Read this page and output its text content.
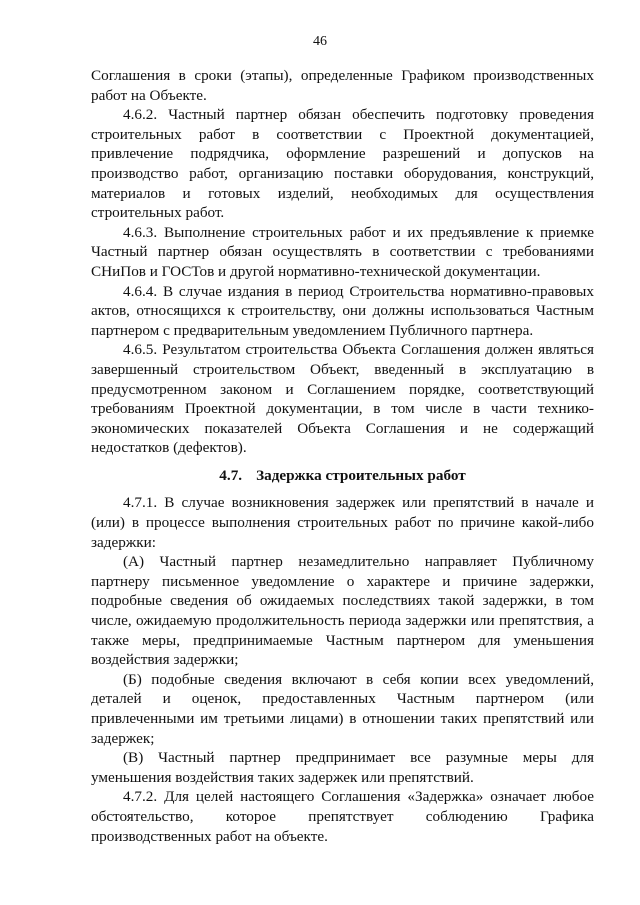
46

Соглашения в сроки (этапы), определенные Графиком производственных работ на Объекте.

4.6.2. Частный партнер обязан обеспечить подготовку проведения строительных работ в соответствии с Проектной документацией, привлечение подрядчика, оформление разрешений и допусков на производство работ, организацию поставки оборудования, конструкций, материалов и готовых изделий, необходимых для осуществления строительных работ.

4.6.3. Выполнение строительных работ и их предъявление к приемке Частный партнер обязан осуществлять в соответствии с требованиями СНиПов и ГОСТов и другой нормативно-технической документации.

4.6.4. В случае издания в период Строительства нормативно-правовых актов, относящихся к строительству, они должны использоваться Частным партнером с предварительным уведомлением Публичного партнера.

4.6.5. Результатом строительства Объекта Соглашения должен являться завершенный строительством Объект, введенный в эксплуатацию в предусмотренном законом и Соглашением порядке, соответствующий требованиям Проектной документации, в том числе в части технико-экономических показателей Объекта Соглашения и не содержащий недостатков (дефектов).

4.7. Задержка строительных работ

4.7.1. В случае возникновения задержек или препятствий в начале и (или) в процессе выполнения строительных работ по причине какой-либо задержки:

(А) Частный партнер незамедлительно направляет Публичному партнеру письменное уведомление о характере и причине задержки, подробные сведения об ожидаемых последствиях такой задержки, в том числе, ожидаемую продолжительность периода задержки или препятствия, а также меры, предпринимаемые Частным партнером для уменьшения воздействия задержки;

(Б) подобные сведения включают в себя копии всех уведомлений, деталей и оценок, предоставленных Частным партнером (или привлеченными им третьими лицами) в отношении таких препятствий или задержек;

(В) Частный партнер предпринимает все разумные меры для уменьшения воздействия таких задержек или препятствий.

4.7.2. Для целей настоящего Соглашения «Задержка» означает любое обстоятельство, которое препятствует соблюдению Графика производственных работ на объекте.
